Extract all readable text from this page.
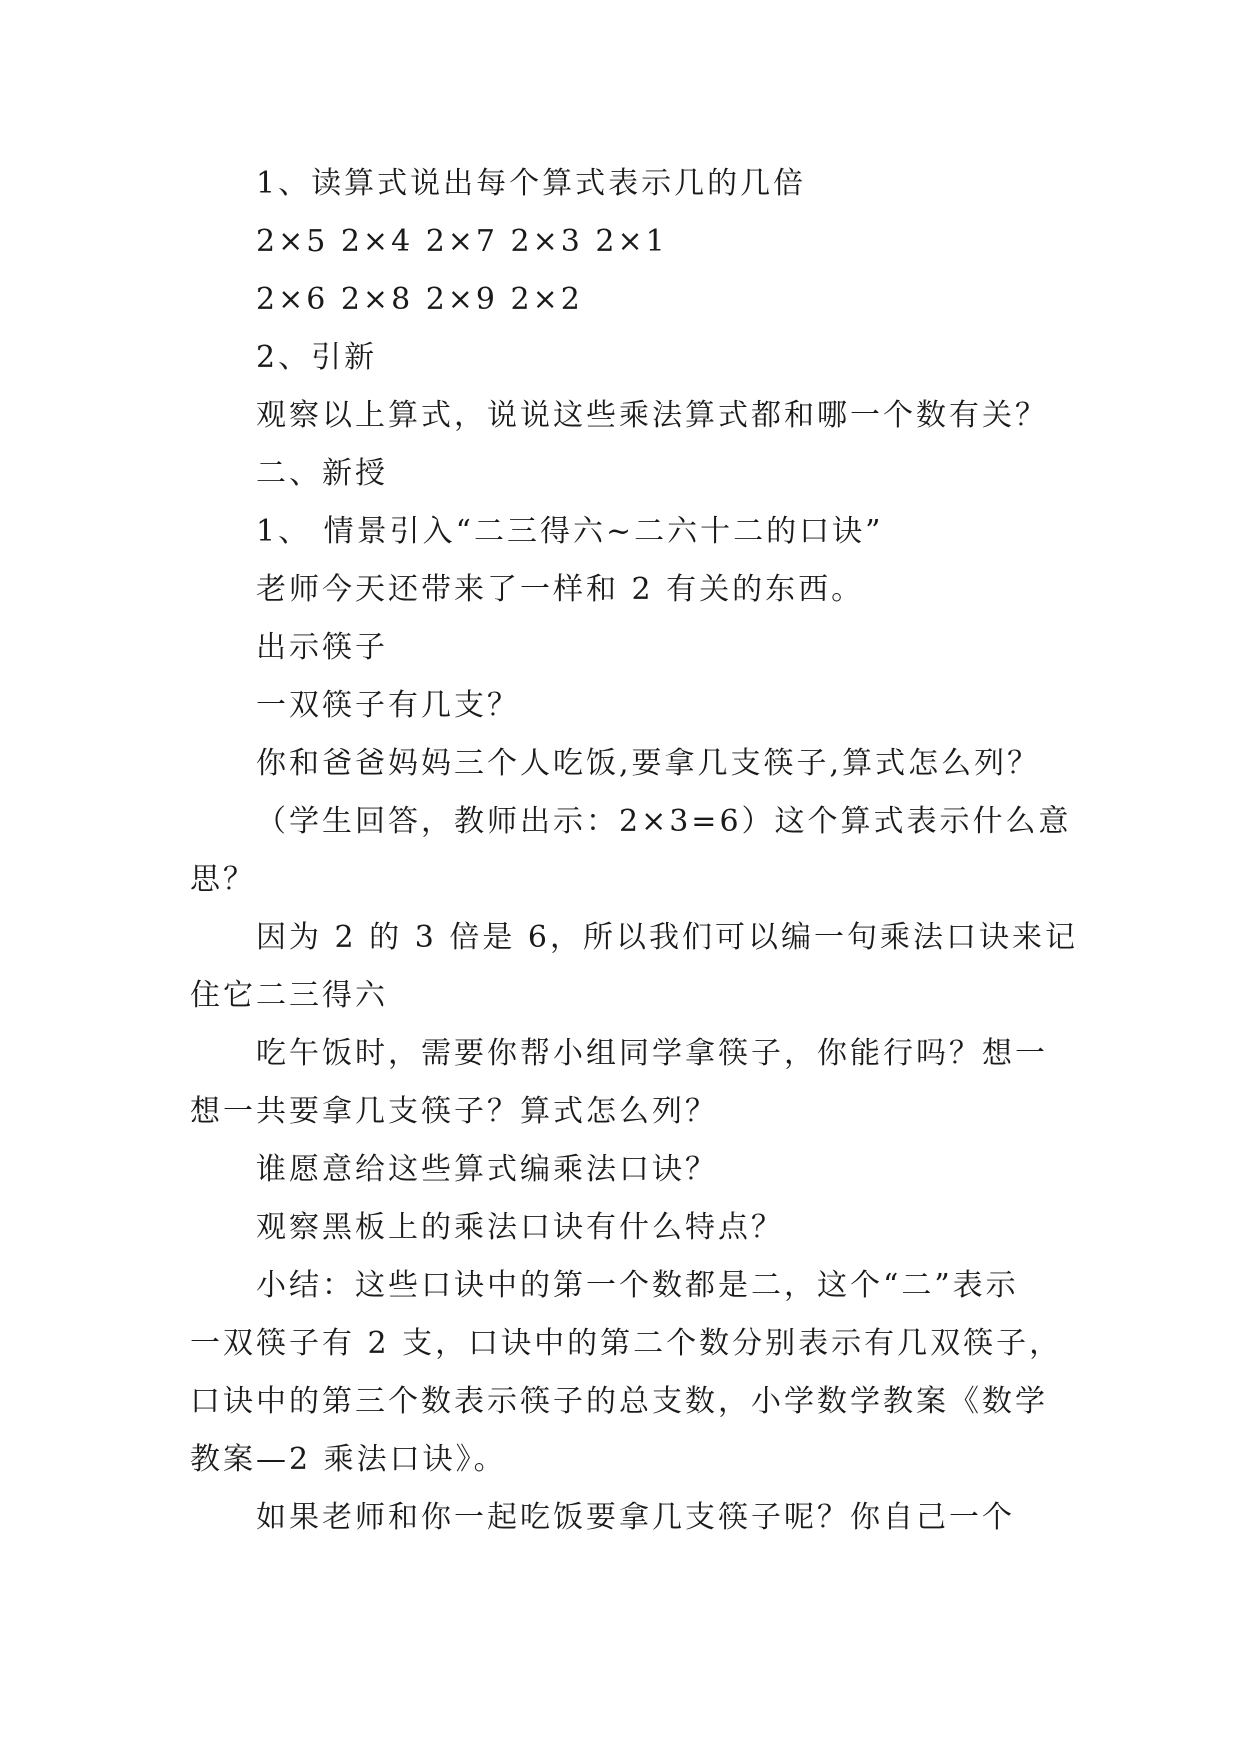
1、读算式说出每个算式表示几的几倍
2×5 2×4 2×7 2×3 2×1
2×6 2×8 2×9 2×2
2、引新
观察以上算式，说说这些乘法算式都和哪一个数有关？
二、新授
1、 情景引入“二三得六~二六十二的口诀”
老师今天还带来了一样和 2 有关的东西。
出示筷子
一双筷子有几支？
你和爸爸妈妈三个人吃饭,要拿几支筷子,算式怎么列？
（学生回答，教师出示：2×3=6）这个算式表示什么意
思？
因为 2 的 3 倍是 6，所以我们可以编一句乘法口诀来记
住它二三得六
吃午饭时，需要你帮小组同学拿筷子，你能行吗？想一
想一共要拿几支筷子？算式怎么列？
谁愿意给这些算式编乘法口诀？
观察黑板上的乘法口诀有什么特点？
小结：这些口诀中的第一个数都是二，这个“二”表示
一双筷子有 2 支，口诀中的第二个数分别表示有几双筷子，
口诀中的第三个数表示筷子的总支数，小学数学教案《数学
教案—2 乘法口诀》。
如果老师和你一起吃饭要拿几支筷子呢？你自己一个
